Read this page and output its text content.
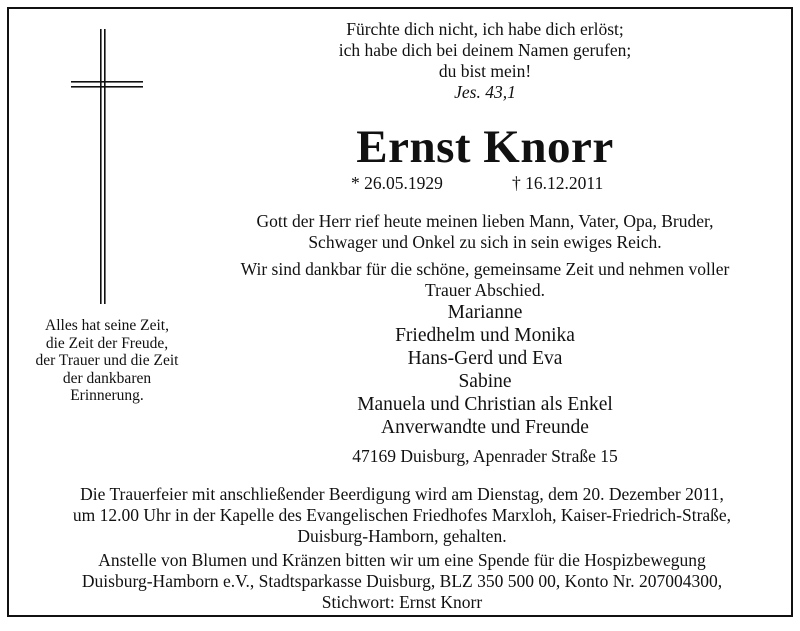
Alles hat seine Zeit,
die Zeit der Freude,
der Trauer und die Zeit
der dankbaren
Erinnerung.
Fürchte dich nicht, ich habe dich erlöst;
ich habe dich bei deinem Namen gerufen;
du bist mein!
Jes. 43,1
Ernst Knorr
* 26.05.1929	† 16.12.2011
Gott der Herr rief heute meinen lieben Mann, Vater, Opa, Bruder,
Schwager und Onkel zu sich in sein ewiges Reich.
Wir sind dankbar für die schöne, gemeinsame Zeit und nehmen voller
Trauer Abschied.
Marianne
Friedhelm und Monika
Hans-Gerd und Eva
Sabine
Manuela und Christian als Enkel
Anverwandte und Freunde
47169 Duisburg, Apenrader Straße 15
Die Trauerfeier mit anschließender Beerdigung wird am Dienstag, dem 20. Dezember 2011,
um 12.00 Uhr in der Kapelle des Evangelischen Friedhofes Marxloh, Kaiser-Friedrich-Straße,
Duisburg-Hamborn, gehalten.
Anstelle von Blumen und Kränzen bitten wir um eine Spende für die Hospizbewegung
Duisburg-Hamborn e.V., Stadtsparkasse Duisburg, BLZ 350 500 00, Konto Nr. 207004300,
Stichwort: Ernst Knorr
